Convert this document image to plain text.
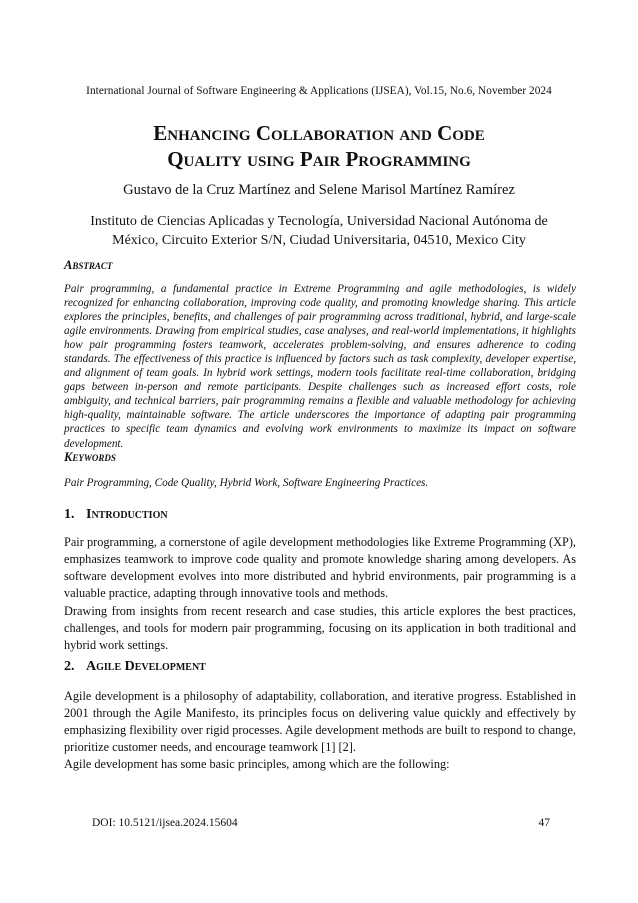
International Journal of Software Engineering & Applications (IJSEA), Vol.15, No.6, November 2024
Enhancing Collaboration and Code
Quality using Pair Programming
Gustavo de la Cruz Martínez and Selene Marisol Martínez Ramírez
Instituto de Ciencias Aplicadas y Tecnología, Universidad Nacional Autónoma de
México, Circuito Exterior S/N, Ciudad Universitaria, 04510, Mexico City
Abstract

Pair programming, a fundamental practice in Extreme Programming and agile methodologies, is widely recognized for enhancing collaboration, improving code quality, and promoting knowledge sharing. This article explores the principles, benefits, and challenges of pair programming across traditional, hybrid, and large-scale agile environments. Drawing from empirical studies, case analyses, and real-world implementations, it highlights how pair programming fosters teamwork, accelerates problem-solving, and ensures adherence to coding standards. The effectiveness of this practice is influenced by factors such as task complexity, developer expertise, and alignment of team goals. In hybrid work settings, modern tools facilitate real-time collaboration, bridging gaps between in-person and remote participants. Despite challenges such as increased effort costs, role ambiguity, and technical barriers, pair programming remains a flexible and valuable methodology for achieving high-quality, maintainable software. The article underscores the importance of adapting pair programming practices to specific team dynamics and evolving work environments to maximize its impact on software development.

Keywords

Pair Programming, Code Quality, Hybrid Work, Software Engineering Practices.

1. Introduction

Pair programming, a cornerstone of agile development methodologies like Extreme Programming (XP), emphasizes teamwork to improve code quality and promote knowledge sharing among developers. As software development evolves into more distributed and hybrid environments, pair programming is a valuable practice, adapting through innovative tools and methods.

Drawing from insights from recent research and case studies, this article explores the best practices, challenges, and tools for modern pair programming, focusing on its application in both traditional and hybrid work settings.

2. Agile Development

Agile development is a philosophy of adaptability, collaboration, and iterative progress. Established in 2001 through the Agile Manifesto, its principles focus on delivering value quickly and effectively by emphasizing flexibility over rigid processes. Agile development methods are built to respond to change, prioritize customer needs, and encourage teamwork [1] [2].

Agile development has some basic principles, among which are the following:

DOI: 10.5121/ijsea.2024.15604	47
